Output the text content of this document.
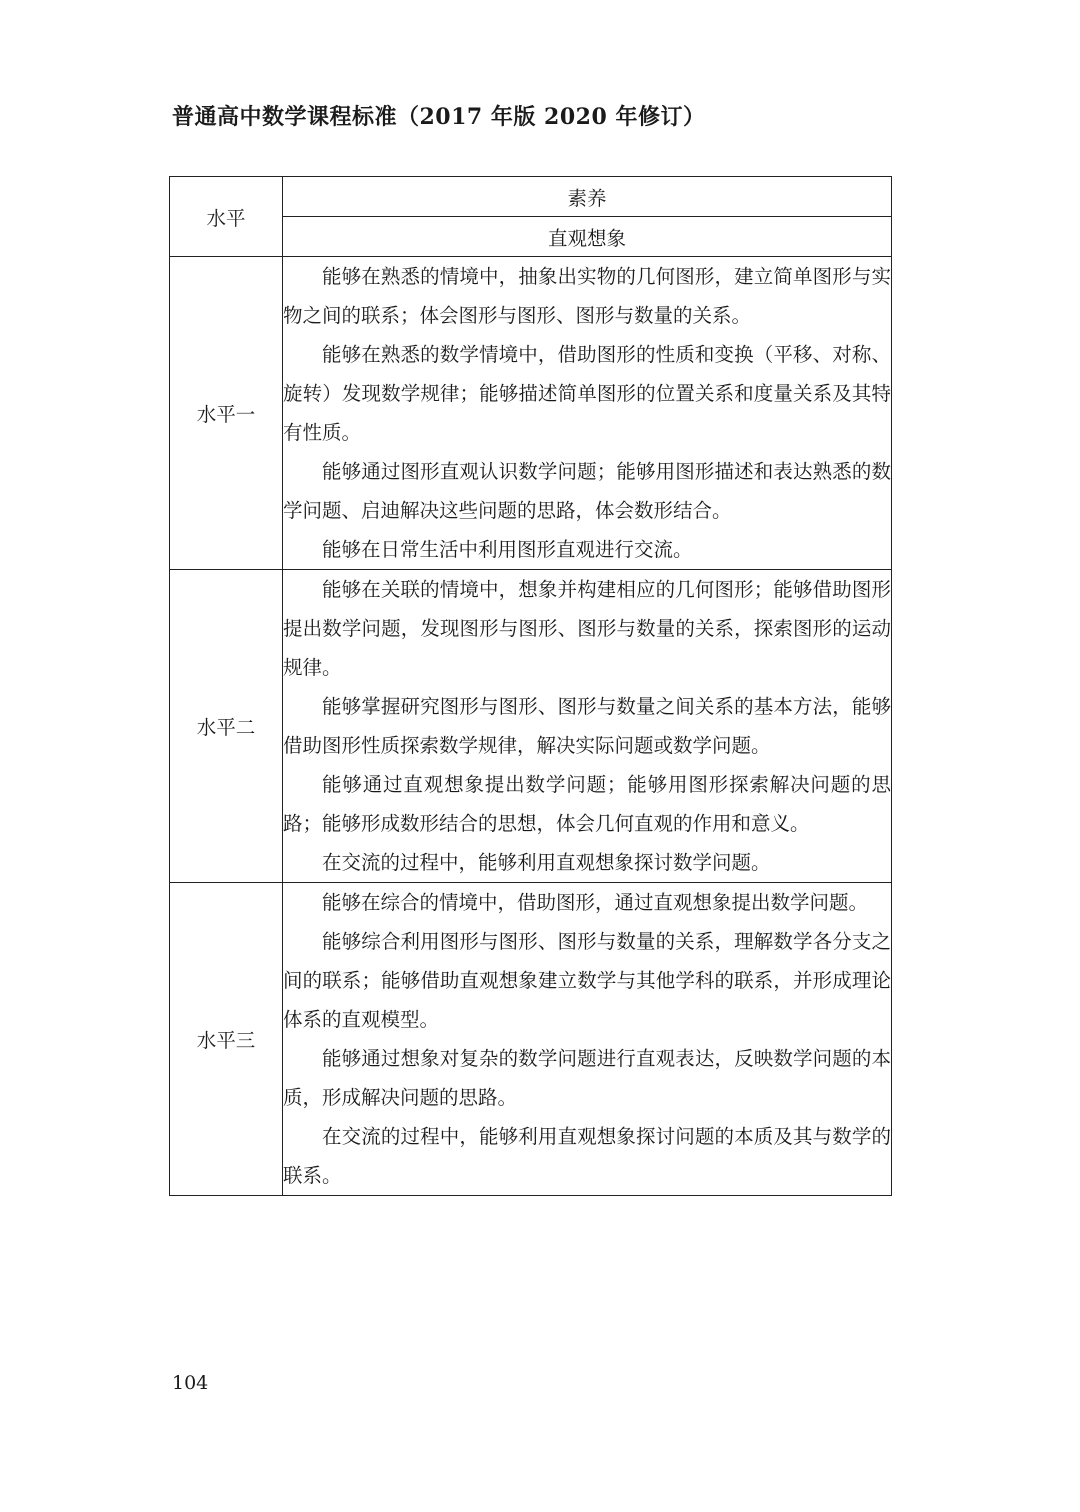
普通高中数学课程标准（2017 年版 2020 年修订）
水平	素养
	直观想象
水平一	能够在熟悉的情境中，抽象出实物的几何图形，建立简单图形与实物之间的联系；体会图形与图形、图形与数量的关系。

能够在熟悉的数学情境中，借助图形的性质和变换（平移、对称、旋转）发现数学规律；能够描述简单图形的位置关系和度量关系及其特有性质。

能够通过图形直观认识数学问题；能够用图形描述和表达熟悉的数学问题、启迪解决这些问题的思路，体会数形结合。

能够在日常生活中利用图形直观进行交流。

水平二	能够在关联的情境中，想象并构建相应的几何图形；能够借助图形提出数学问题，发现图形与图形、图形与数量的关系，探索图形的运动规律。

能够掌握研究图形与图形、图形与数量之间关系的基本方法，能够借助图形性质探索数学规律，解决实际问题或数学问题。

能够通过直观想象提出数学问题；能够用图形探索解决问题的思路；能够形成数形结合的思想，体会几何直观的作用和意义。

在交流的过程中，能够利用直观想象探讨数学问题。

水平三	能够在综合的情境中，借助图形，通过直观想象提出数学问题。

能够综合利用图形与图形、图形与数量的关系，理解数学各分支之间的联系；能够借助直观想象建立数学与其他学科的联系，并形成理论体系的直观模型。

能够通过想象对复杂的数学问题进行直观表达，反映数学问题的本质，形成解决问题的思路。

在交流的过程中，能够利用直观想象探讨问题的本质及其与数学的联系。

104
